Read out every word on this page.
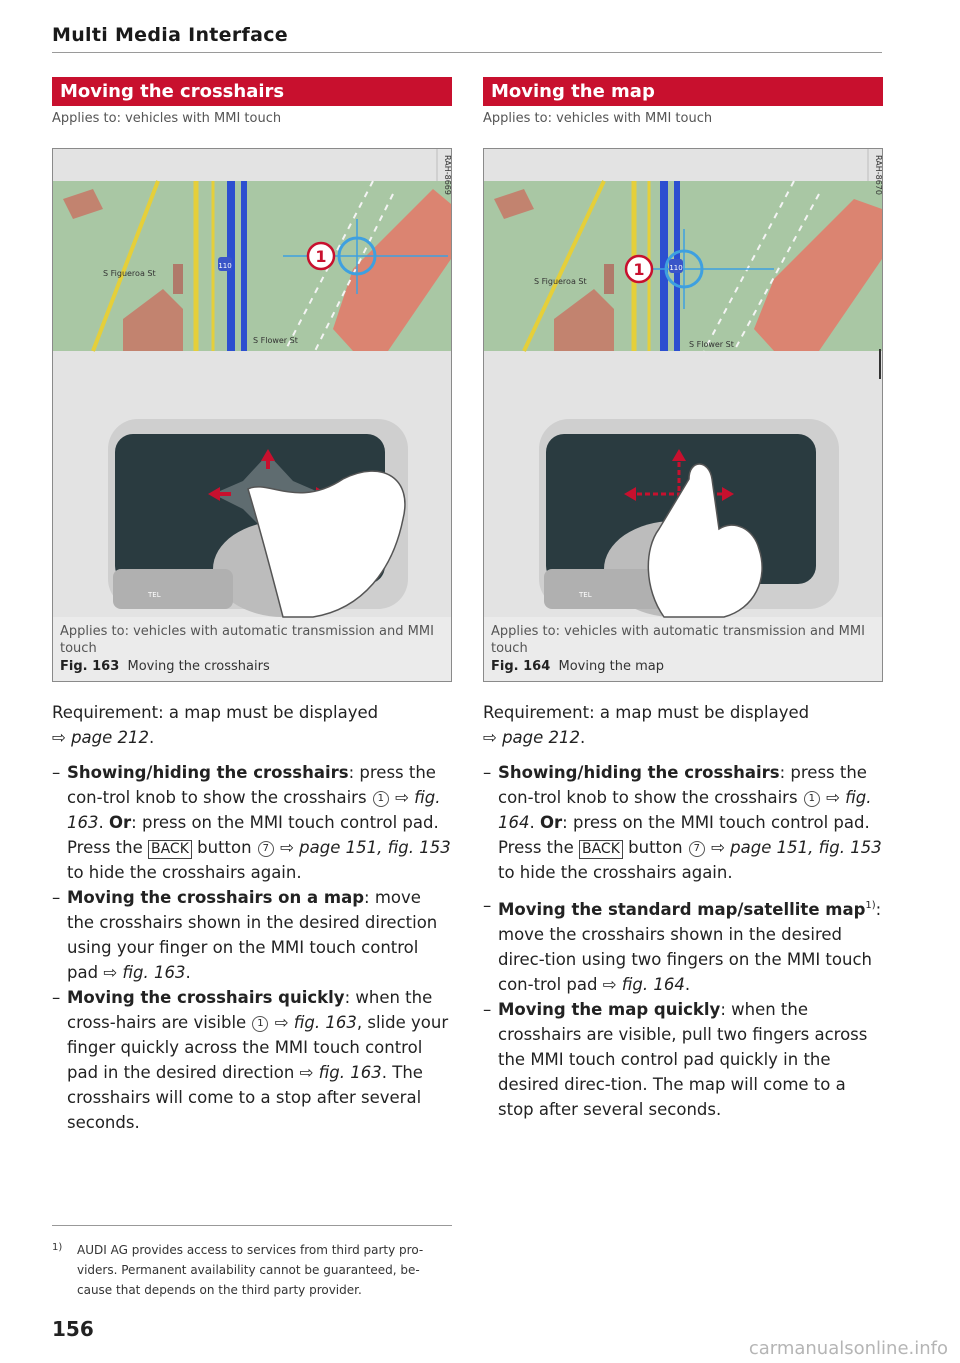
Multi Media Interface
Moving the crosshairs
Applies to: vehicles with MMI touch
1
110
S Figueroa St
S Flower St
RAH-8669
TEL
Applies to: vehicles with automatic transmission and MMI touch
Fig. 163 Moving the crosshairs
Requirement: a map must be displayed
⇨ page 212.
– Showing/hiding the crosshairs: press the con-trol knob to show the crosshairs 1 ⇨ fig. 163. Or: press on the MMI touch control pad. Press the BACK button 7 ⇨ page 151, fig. 153 to hide the crosshairs again.
– Moving the crosshairs on a map: move the crosshairs shown in the desired direction using your finger on the MMI touch control pad ⇨ fig. 163.
– Moving the crosshairs quickly: when the cross-hairs are visible 1 ⇨ fig. 163, slide your finger quickly across the MMI touch control pad in the desired direction ⇨ fig. 163. The crosshairs will come to a stop after several seconds.
Moving the map
Applies to: vehicles with MMI touch
1	110
S Figueroa St
S Flower St
RAH-8670
TEL
Applies to: vehicles with automatic transmission and MMI touch
Fig. 164 Moving the map
Requirement: a map must be displayed
⇨ page 212.
– Showing/hiding the crosshairs: press the con-trol knob to show the crosshairs 1 ⇨ fig. 164. Or: press on the MMI touch control pad. Press the BACK button 7 ⇨ page 151, fig. 153 to hide the crosshairs again.
– Moving the standard map/satellite map$^{1)}$: move the crosshairs shown in the desired direc-tion using two fingers on the MMI touch con-trol pad ⇨ fig. 164.
– Moving the map quickly: when the crosshairs are visible, pull two fingers across the MMI touch control pad quickly in the desired direc-tion. The map will come to a stop after several seconds.
1)	AUDI AG provides access to services from third party pro-viders. Permanent availability cannot be guaranteed, be-cause that depends on the third party provider.
156
carmanualsonline.info
